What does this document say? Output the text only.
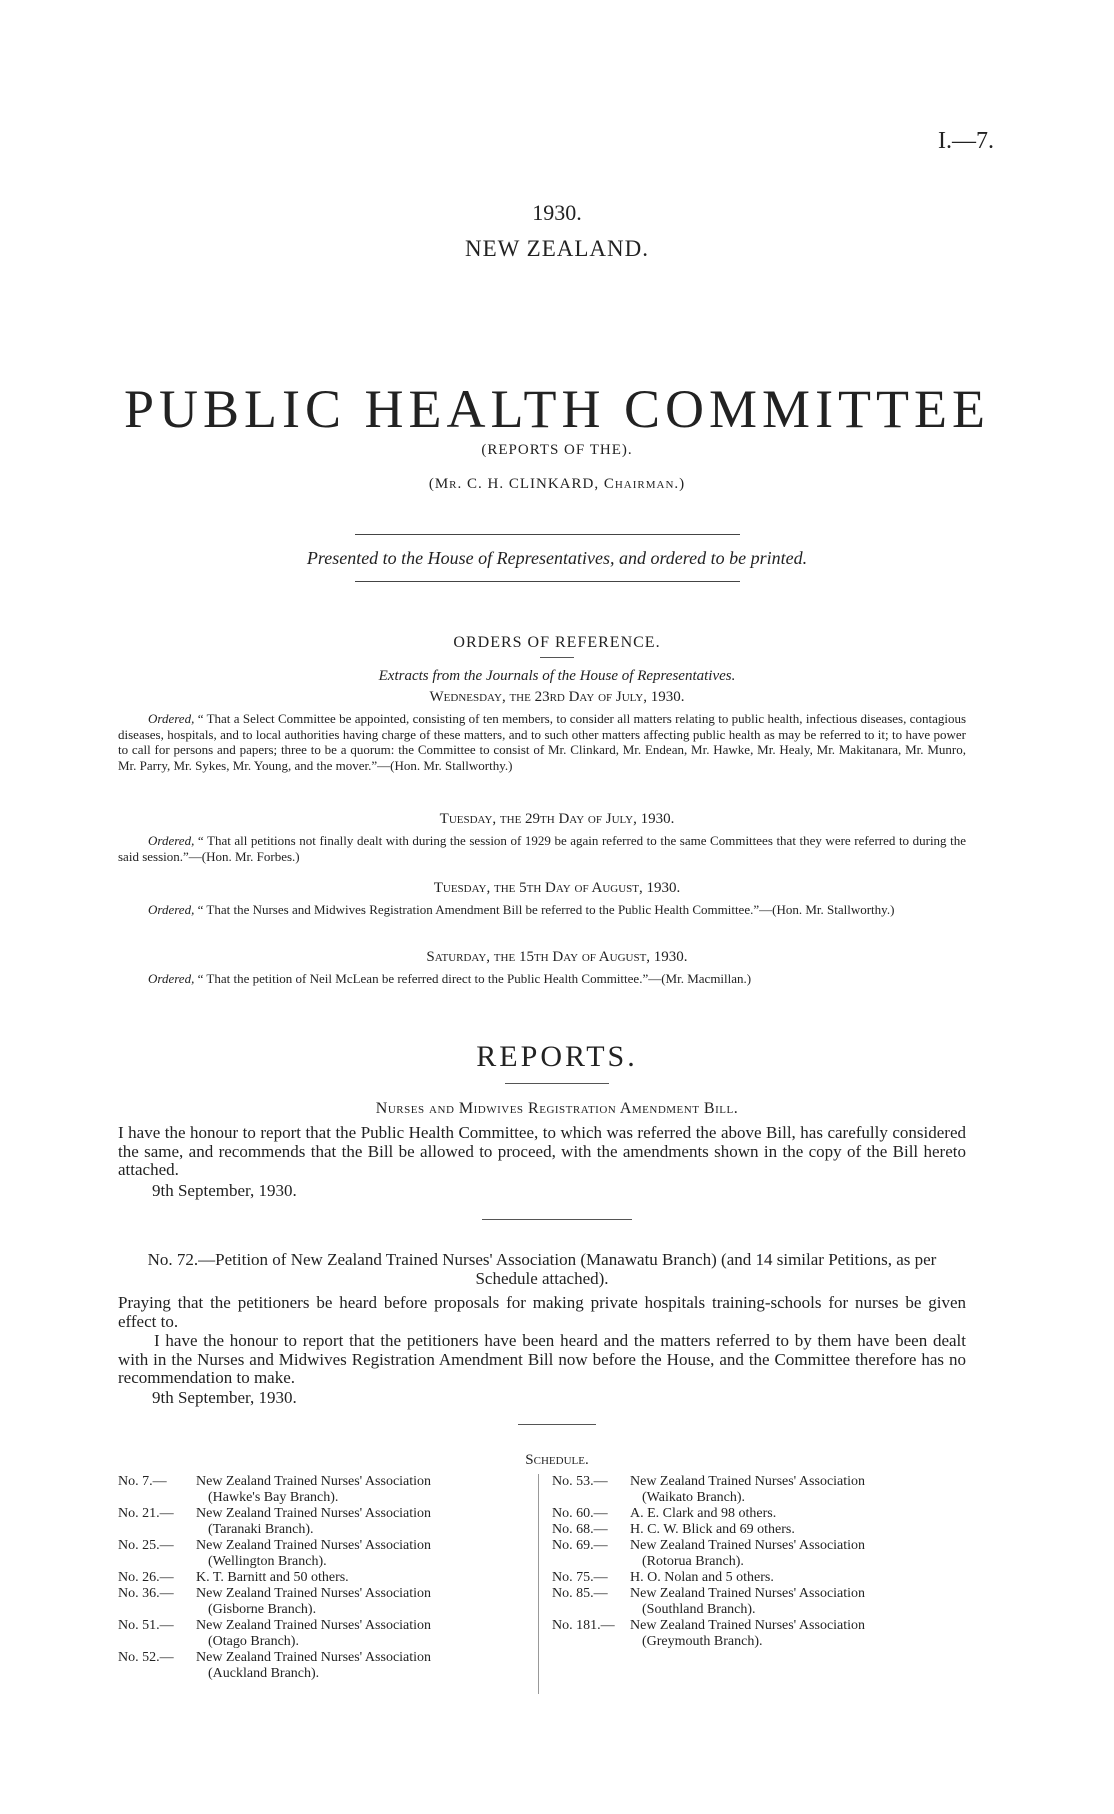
I.—7.
1930.
NEW ZEALAND.
PUBLIC HEALTH COMMITTEE
(REPORTS OF THE).
(Mr. C. H. CLINKARD, Chairman.)
Presented to the House of Representatives, and ordered to be printed.
ORDERS OF REFERENCE.
Extracts from the Journals of the House of Representatives.
Wednesday, the 23rd Day of July, 1930.
Ordered, “ That a Select Committee be appointed, consisting of ten members, to consider all matters relating to public health, infectious diseases, contagious diseases, hospitals, and to local authorities having charge of these matters, and to such other matters affecting public health as may be referred to it; to have power to call for persons and papers; three to be a quorum: the Committee to consist of Mr. Clinkard, Mr. Endean, Mr. Hawke, Mr. Healy, Mr. Makitanara, Mr. Munro, Mr. Parry, Mr. Sykes, Mr. Young, and the mover.”—(Hon. Mr. Stallworthy.)
Tuesday, the 29th Day of July, 1930.
Ordered, “ That all petitions not finally dealt with during the session of 1929 be again referred to the same Committees that they were referred to during the said session.”—(Hon. Mr. Forbes.)
Tuesday, the 5th Day of August, 1930.
Ordered, “ That the Nurses and Midwives Registration Amendment Bill be referred to the Public Health Committee.”—(Hon. Mr. Stallworthy.)
Saturday, the 15th Day of August, 1930.
Ordered, “ That the petition of Neil McLean be referred direct to the Public Health Committee.”—(Mr. Macmillan.)
REPORTS.
Nurses and Midwives Registration Amendment Bill.
I have the honour to report that the Public Health Committee, to which was referred the above Bill, has carefully considered the same, and recommends that the Bill be allowed to proceed, with the amendments shown in the copy of the Bill hereto attached.
9th September, 1930.
No. 72.—Petition of New Zealand Trained Nurses' Association (Manawatu Branch) (and 14 similar Petitions, as per Schedule attached).
Praying that the petitioners be heard before proposals for making private hospitals training-schools for nurses be given effect to.
I have the honour to report that the petitioners have been heard and the matters referred to by them have been dealt with in the Nurses and Midwives Registration Amendment Bill now before the House, and the Committee therefore has no recommendation to make.
9th September, 1930.
Schedule.
No. 7.—	New Zealand Trained Nurses' Association
(Hawke's Bay Branch).
No. 21.—	New Zealand Trained Nurses' Association
(Taranaki Branch).
No. 25.—	New Zealand Trained Nurses' Association
(Wellington Branch).
No. 26.—	K. T. Barnitt and 50 others.
No. 36.—	New Zealand Trained Nurses' Association
(Gisborne Branch).
No. 51.—	New Zealand Trained Nurses' Association
(Otago Branch).
No. 52.—	New Zealand Trained Nurses' Association
(Auckland Branch).
No. 53.—	New Zealand Trained Nurses' Association
(Waikato Branch).
No. 60.—	A. E. Clark and 98 others.
No. 68.—	H. C. W. Blick and 69 others.
No. 69.—	New Zealand Trained Nurses' Association
(Rotorua Branch).
No. 75.—	H. O. Nolan and 5 others.
No. 85.—	New Zealand Trained Nurses' Association
(Southland Branch).
No. 181.—	New Zealand Trained Nurses' Association
(Greymouth Branch).
